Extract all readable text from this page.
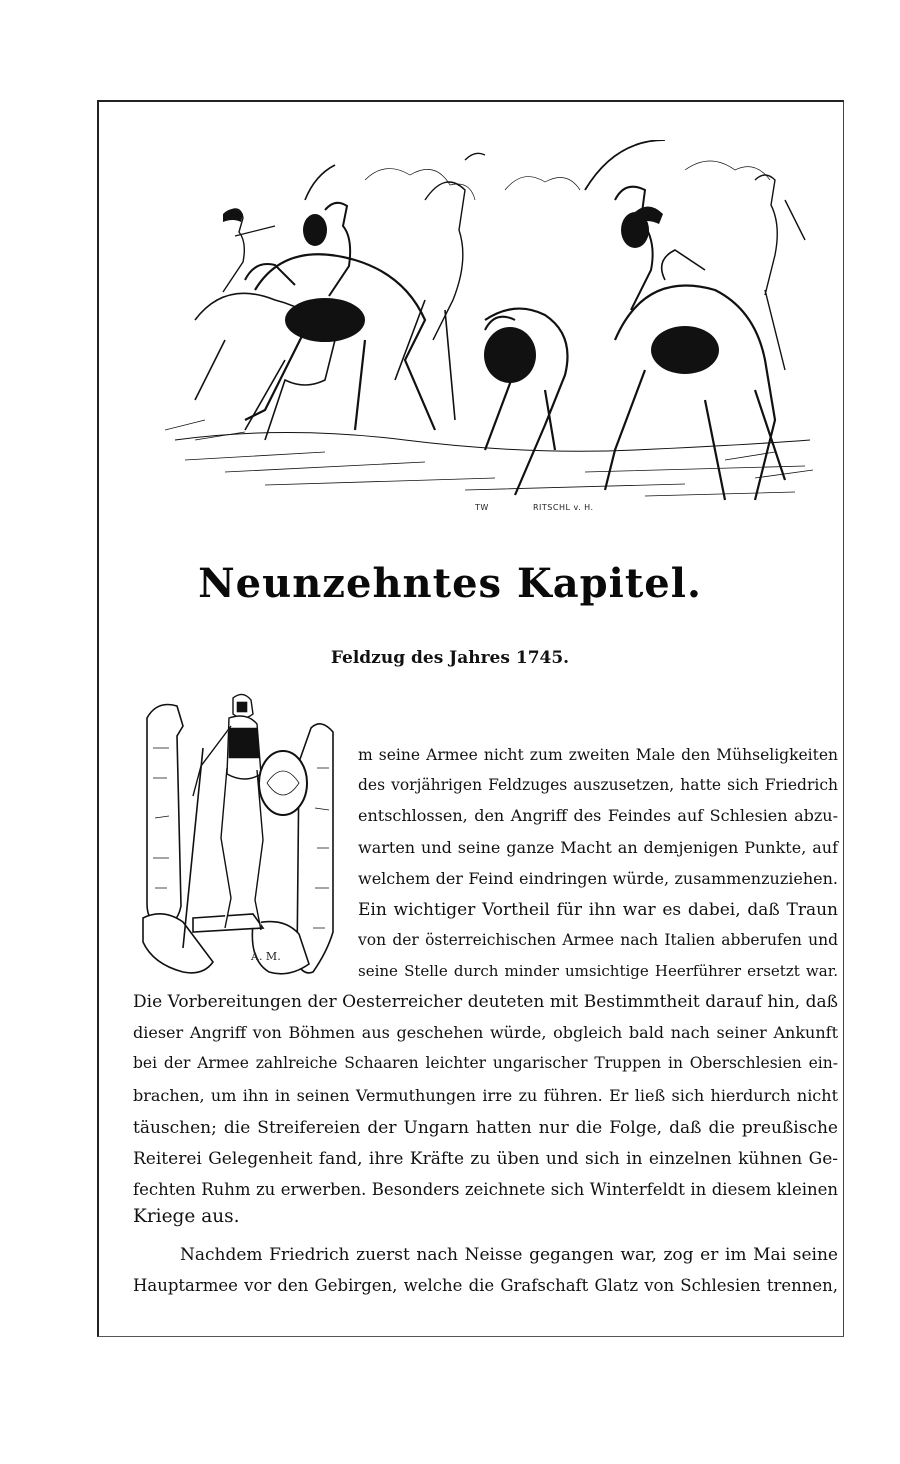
TW	RITSCHL v. H.
Neunzehntes Kapitel.
Feldzug des Jahres 1745.
A. M.
m seine Armee nicht zum zweiten Male den Mühseligkeiten
des vorjährigen Feldzuges auszusetzen, hatte sich Friedrich
entschlossen, den Angriff des Feindes auf Schlesien abzu-
warten und seine ganze Macht an demjenigen Punkte, auf
welchem der Feind eindringen würde, zusammenzuziehen.
Ein wichtiger Vortheil für ihn war es dabei, daß Traun
von der österreichischen Armee nach Italien abberufen und
seine Stelle durch minder umsichtige Heerführer ersetzt war.
Die Vorbereitungen der Oesterreicher deuteten mit Bestimmtheit darauf hin, daß
dieser Angriff von Böhmen aus geschehen würde, obgleich bald nach seiner Ankunft
bei der Armee zahlreiche Schaaren leichter ungarischer Truppen in Oberschlesien ein-
brachen, um ihn in seinen Vermuthungen irre zu führen. Er ließ sich hierdurch nicht
täuschen; die Streifereien der Ungarn hatten nur die Folge, daß die preußische
Reiterei Gelegenheit fand, ihre Kräfte zu üben und sich in einzelnen kühnen Ge-
fechten Ruhm zu erwerben. Besonders zeichnete sich Winterfeldt in diesem kleinen
Kriege aus.
Nachdem Friedrich zuerst nach Neisse gegangen war, zog er im Mai seine
Hauptarmee vor den Gebirgen, welche die Grafschaft Glatz von Schlesien trennen,
